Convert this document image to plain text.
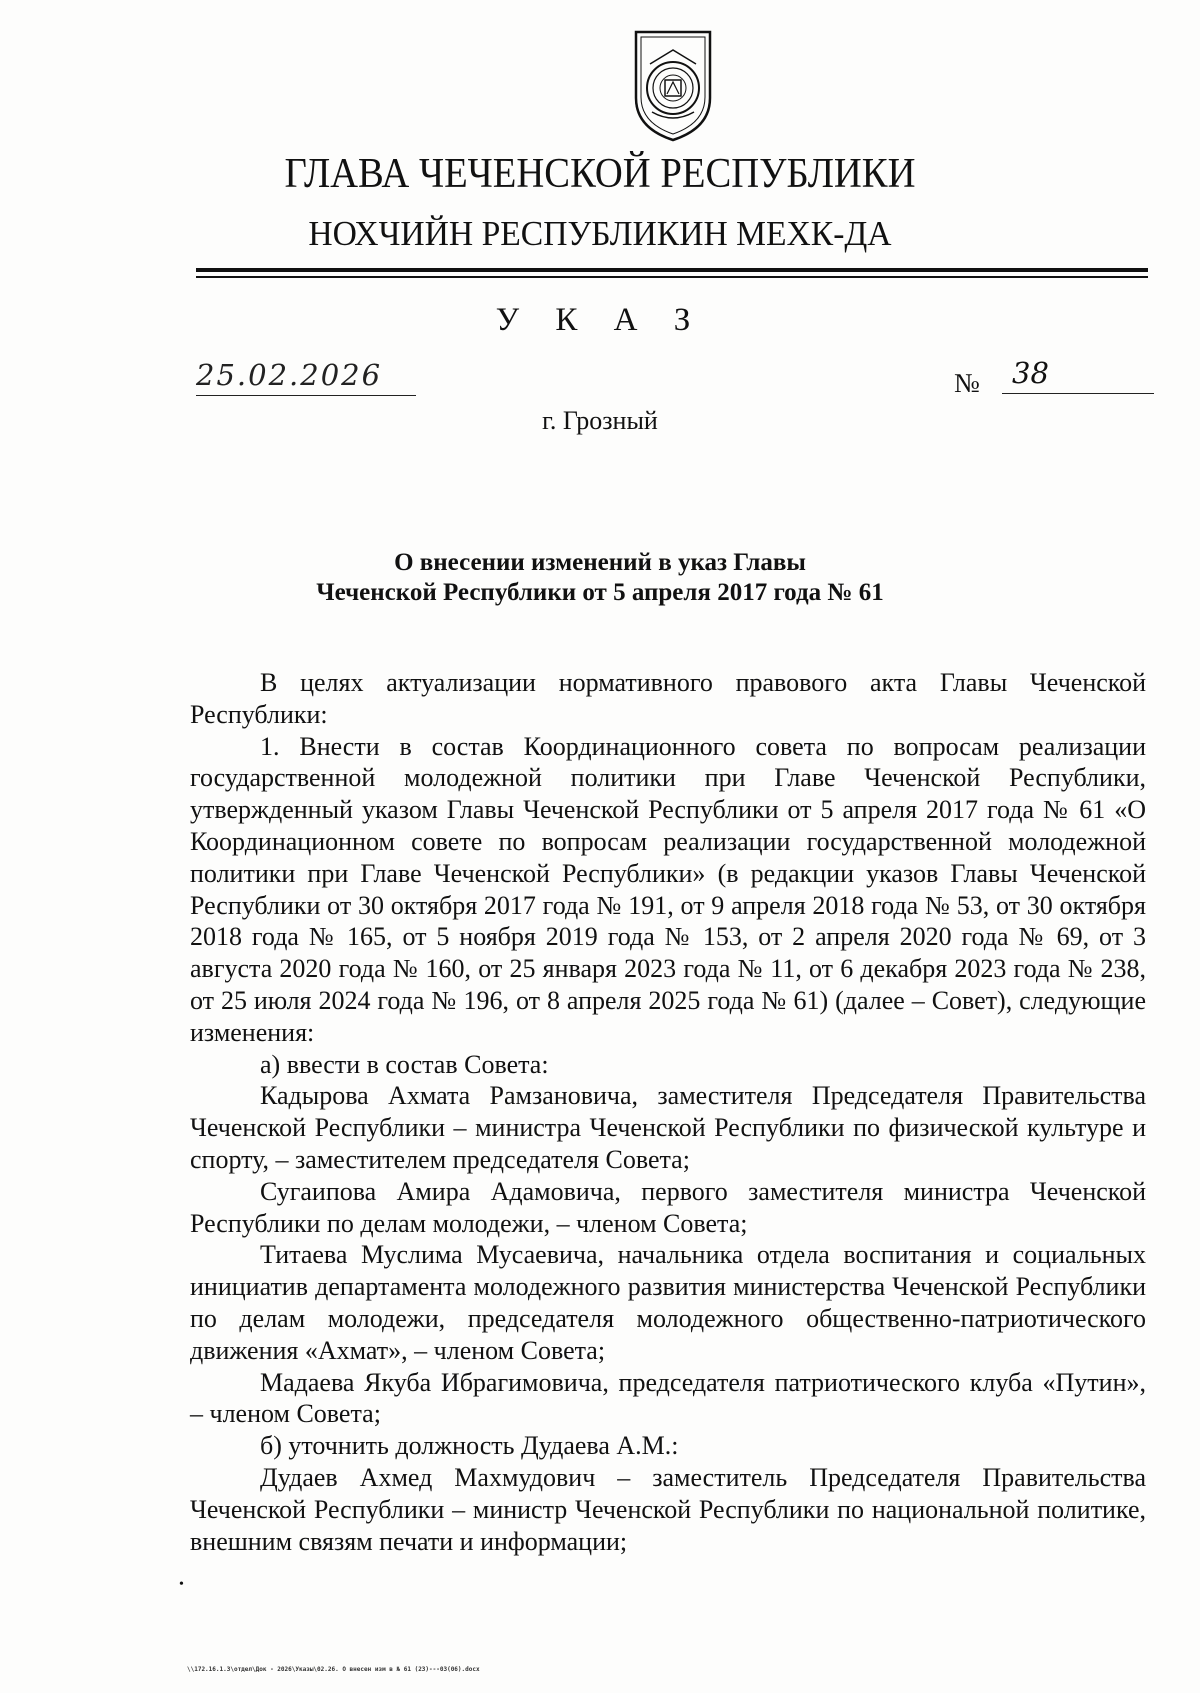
ГЛАВА ЧЕЧЕНСКОЙ РЕСПУБЛИКИ
НОХЧИЙН РЕСПУБЛИКИН МЕХК-ДА
У К А З
25.02.2026	№	38
г. Грозный
О внесении изменений в указ Главы
Чеченской Республики от 5 апреля 2017 года № 61

В целях актуализации нормативного правового акта Главы Чеченской Республики:

1. Внести в состав Координационного совета по вопросам реализации государственной молодежной политики при Главе Чеченской Республики, утвержденный указом Главы Чеченской Республики от 5 апреля 2017 года № 61 «О Координационном совете по вопросам реализации государственной молодежной политики при Главе Чеченской Республики» (в редакции указов Главы Чеченской Республики от 30 октября 2017 года № 191, от 9 апреля 2018 года № 53, от 30 октября 2018 года № 165, от 5 ноября 2019 года № 153, от 2 апреля 2020 года № 69, от 3 августа 2020 года № 160, от 25 января 2023 года № 11, от 6 декабря 2023 года № 238, от 25 июля 2024 года № 196, от 8 апреля 2025 года № 61) (далее – Совет), следующие изменения:

а) ввести в состав Совета:

Кадырова Ахмата Рамзановича, заместителя Председателя Правительства Чеченской Республики – министра Чеченской Республики по физической культуре и спорту, – заместителем председателя Совета;

Сугаипова Амира Адамовича, первого заместителя министра Чеченской Республики по делам молодежи, – членом Совета;

Титаева Муслима Мусаевича, начальника отдела воспитания и социальных инициатив департамента молодежного развития министерства Чеченской Республики по делам молодежи, председателя молодежного общественно-патриотического движения «Ахмат», – членом Совета;

Мадаева Якуба Ибрагимовича, председателя патриотического клуба «Путин», – членом Совета;

б) уточнить должность Дудаева А.М.:

Дудаев Ахмед Махмудович – заместитель Председателя Правительства Чеченской Республики – министр Чеченской Республики по национальной политике, внешним связям печати и информации;

•
\\172.16.1.3\отдел\Док - 2026\Указы\02.26. О внесен изм в № 61 (23)---03(06).docx
